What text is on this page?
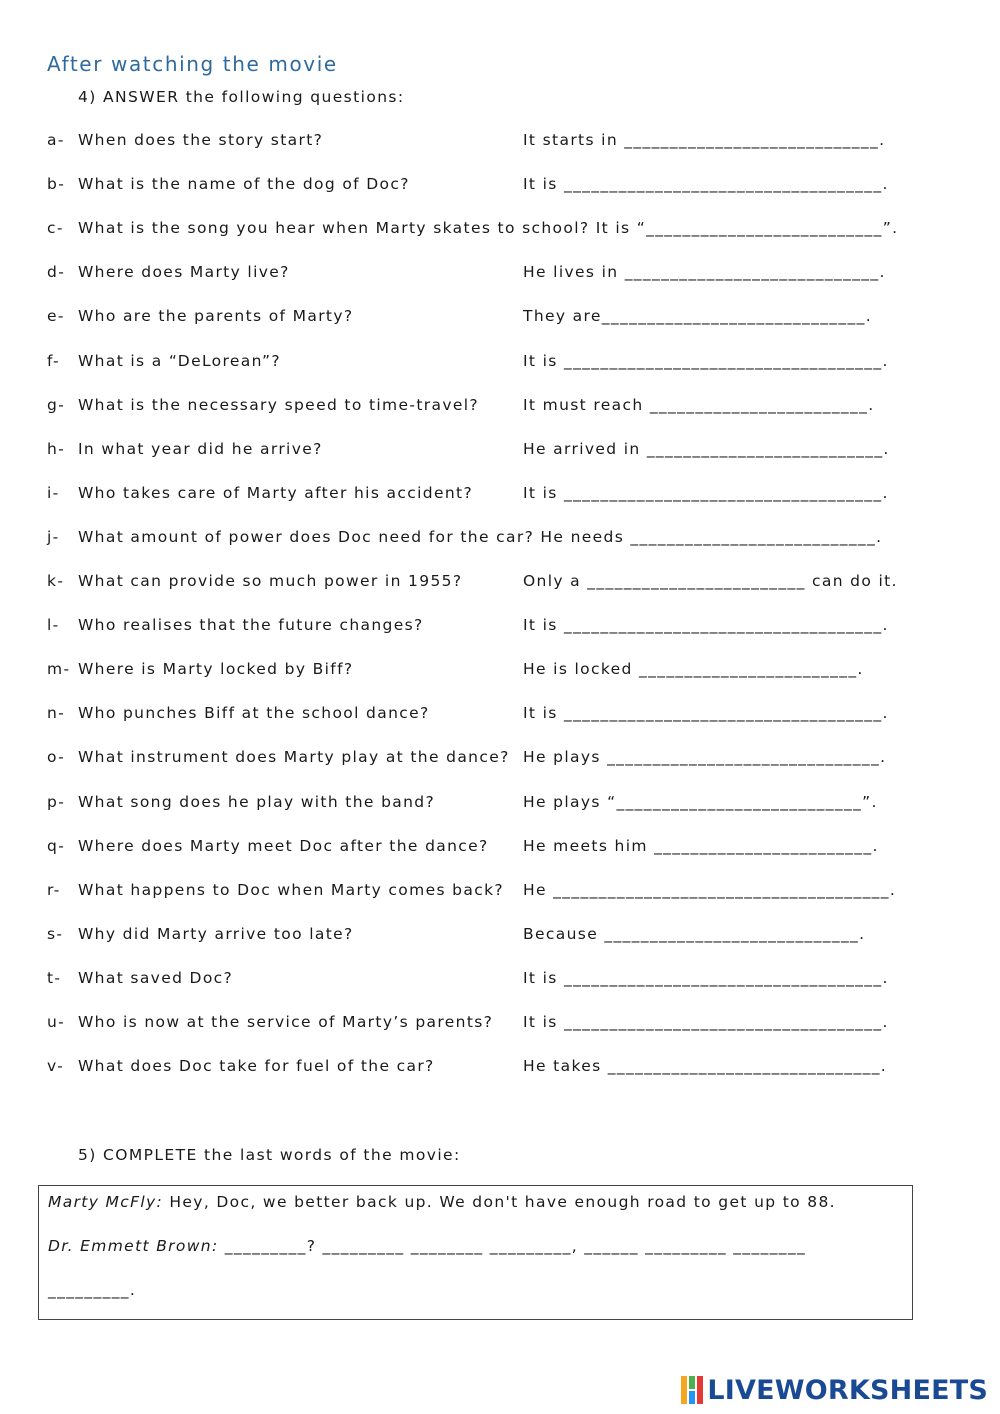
After watching the movie
4) ANSWER the following questions:
a- When does the story start?	It starts in ____________________________.
b- What is the name of the dog of Doc?	It is ___________________________________.
c- What is the song you hear when Marty skates to school? It is “__________________________”.
d- Where does Marty live?	He lives in ____________________________.
e- Who are the parents of Marty?	They are_____________________________.
f- What is a “DeLorean”?	It is ___________________________________.
g- What is the necessary speed to time-travel?	It must reach ________________________.
h- In what year did he arrive?	He arrived in __________________________.
i- Who takes care of Marty after his accident?	It is ___________________________________.
j- What amount of power does Doc need for the car? He needs ___________________________.
k- What can provide so much power in 1955?	Only a ________________________ can do it.
l- Who realises that the future changes?	It is ___________________________________.
m- Where is Marty locked by Biff?	He is locked ________________________.
n- Who punches Biff at the school dance?	It is ___________________________________.
o- What instrument does Marty play at the dance? He plays ______________________________.
p- What song does he play with the band?	He plays “___________________________”.
q- Where does Marty meet Doc after the dance? He meets him ________________________.
r- What happens to Doc when Marty comes back? He _____________________________________.
s- Why did Marty arrive too late?	Because ____________________________.
t- What saved Doc?	It is ___________________________________.
u- Who is now at the service of Marty’s parents? It is ___________________________________.
v- What does Doc take for fuel of the car?	He takes ______________________________.
5) COMPLETE the last words of the movie:
Marty McFly: Hey, Doc, we better back up. We don't have enough road to get up to 88.
Dr. Emmett Brown: _________? _________ ________ _________, ______ _________ ________
_________.
LIVEWORKSHEETS
